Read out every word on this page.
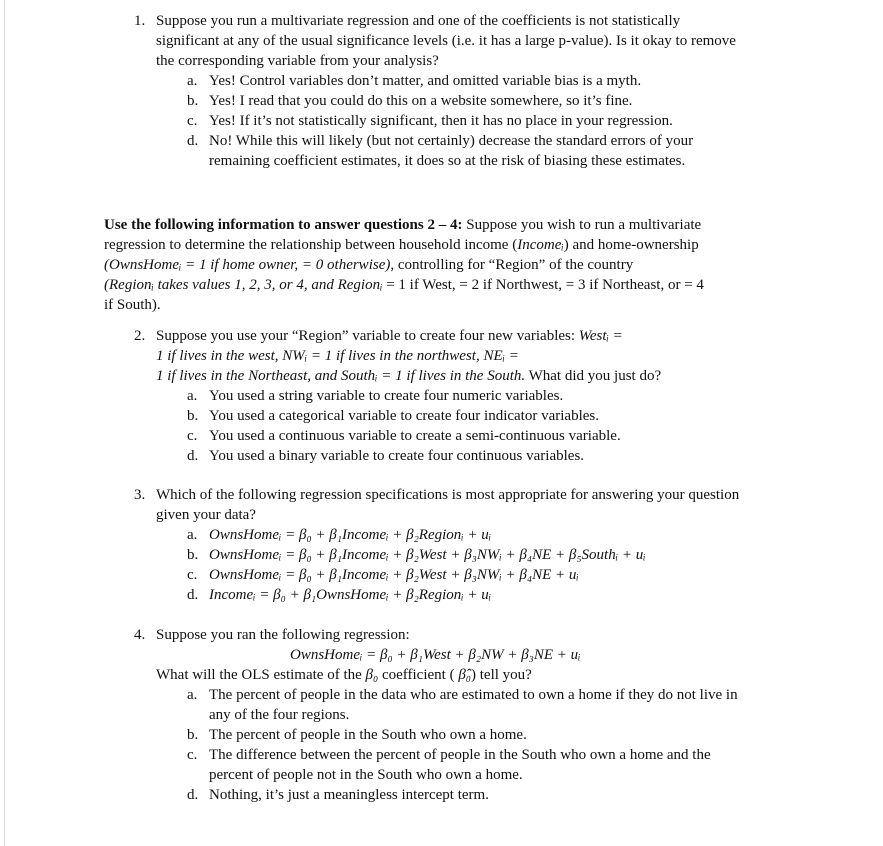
1. Suppose you run a multivariate regression and one of the coefficients is not statistically
significant at any of the usual significance levels (i.e. it has a large p-value). Is it okay to remove
the corresponding variable from your analysis?
a. Yes! Control variables don’t matter, and omitted variable bias is a myth.
b. Yes! I read that you could do this on a website somewhere, so it’s fine.
c. Yes! If it’s not statistically significant, then it has no place in your regression.
d. No! While this will likely (but not certainly) decrease the standard errors of your
remaining coefficient estimates, it does so at the risk of biasing these estimates.
Use the following information to answer questions 2 – 4: Suppose you wish to run a multivariate
regression to determine the relationship between household income (Incomeᵢ) and home-ownership
(OwnsHomeᵢ = 1 if home owner, = 0 otherwise), controlling for “Region” of the country
(Regionᵢ takes values 1, 2, 3, or 4, and Regionᵢ = 1 if West, = 2 if Northwest, = 3 if Northeast, or = 4
if South).
2. Suppose you use your “Region” variable to create four new variables: Westᵢ =
1 if lives in the west, NWᵢ = 1 if lives in the northwest, NEᵢ =
1 if lives in the Northeast, and Southᵢ = 1 if lives in the South. What did you just do?
a. You used a string variable to create four numeric variables.
b. You used a categorical variable to create four indicator variables.
c. You used a continuous variable to create a semi-continuous variable.
d. You used a binary variable to create four continuous variables.
3. Which of the following regression specifications is most appropriate for answering your question
given your data?
a. OwnsHomeᵢ = β₀ + β₁Incomeᵢ + β₂Regionᵢ + uᵢ
b. OwnsHomeᵢ = β₀ + β₁Incomeᵢ + β₂West + β₃NWᵢ + β₄NE + β₅Southᵢ + uᵢ
c. OwnsHomeᵢ = β₀ + β₁Incomeᵢ + β₂West + β₃NWᵢ + β₄NE + uᵢ
d. Incomeᵢ = β₀ + β₁OwnsHomeᵢ + β₂Regionᵢ + uᵢ
4. Suppose you ran the following regression:
OwnsHomeᵢ = β₀ + β₁West + β₂NW + β₃NE + uᵢ
What will the OLS estimate of the β₀ coefficient ( β̂₀) tell you?
a. The percent of people in the data who are estimated to own a home if they do not live in
any of the four regions.
b. The percent of people in the South who own a home.
c. The difference between the percent of people in the South who own a home and the
percent of people not in the South who own a home.
d. Nothing, it’s just a meaningless intercept term.
